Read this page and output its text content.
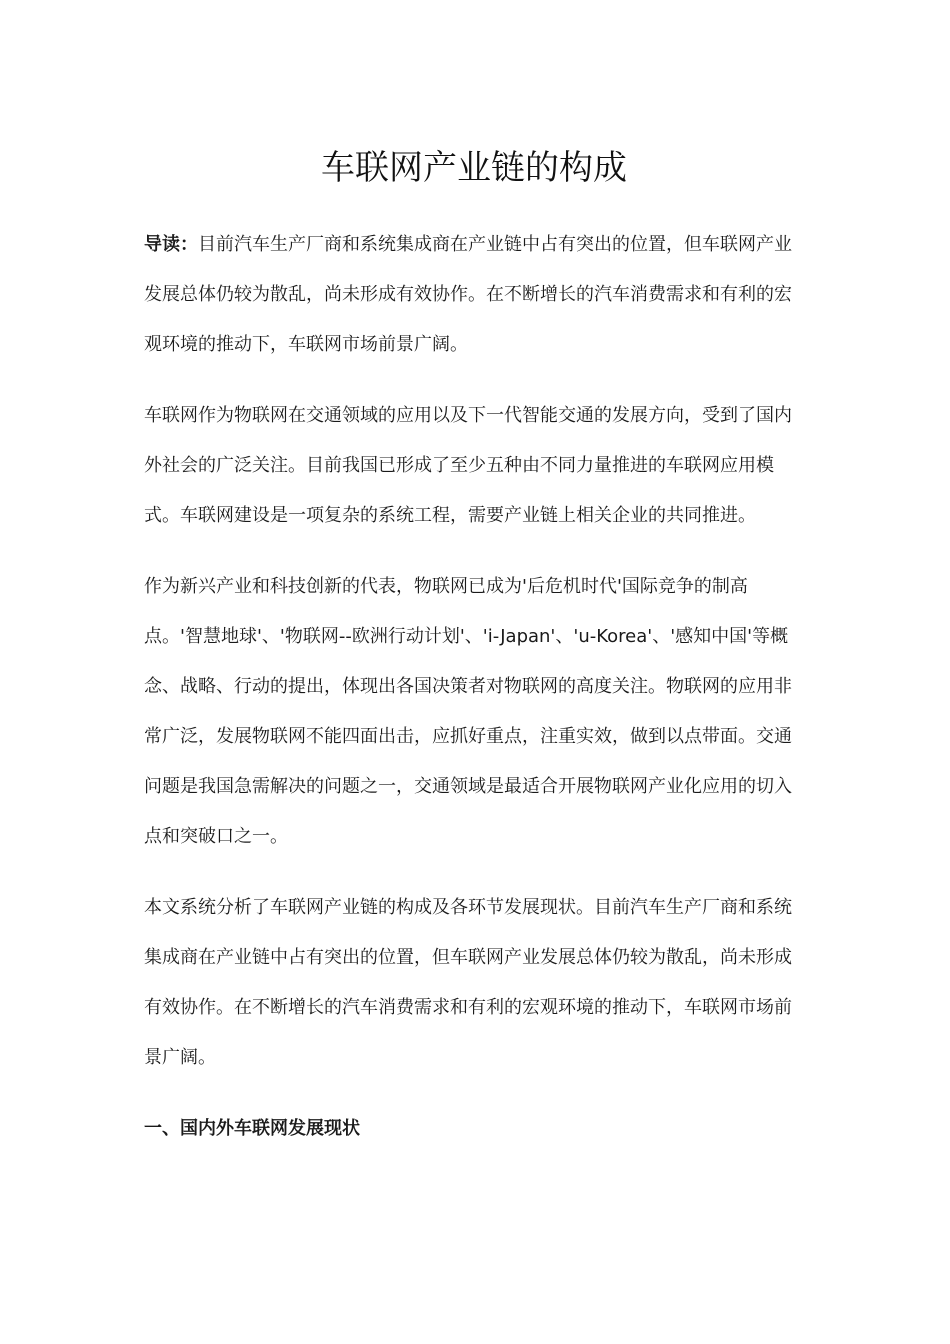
车联网产业链的构成

导读：目前汽车生产厂商和系统集成商在产业链中占有突出的位置，但车联网产业发展总体仍较为散乱，尚未形成有效协作。在不断增长的汽车消费需求和有利的宏观环境的推动下，车联网市场前景广阔。

车联网作为物联网在交通领域的应用以及下一代智能交通的发展方向，受到了国内外社会的广泛关注。目前我国已形成了至少五种由不同力量推进的车联网应用模式。车联网建设是一项复杂的系统工程，需要产业链上相关企业的共同推进。

作为新兴产业和科技创新的代表，物联网已成为'后危机时代'国际竞争的制高点。'智慧地球'、'物联网--欧洲行动计划'、'i-Japan'、'u-Korea'、'感知中国'等概念、战略、行动的提出，体现出各国决策者对物联网的高度关注。物联网的应用非常广泛，发展物联网不能四面出击，应抓好重点，注重实效，做到以点带面。交通问题是我国急需解决的问题之一，交通领域是最适合开展物联网产业化应用的切入点和突破口之一。

本文系统分析了车联网产业链的构成及各环节发展现状。目前汽车生产厂商和系统集成商在产业链中占有突出的位置，但车联网产业发展总体仍较为散乱，尚未形成有效协作。在不断增长的汽车消费需求和有利的宏观环境的推动下，车联网市场前景广阔。

一、国内外车联网发展现状
